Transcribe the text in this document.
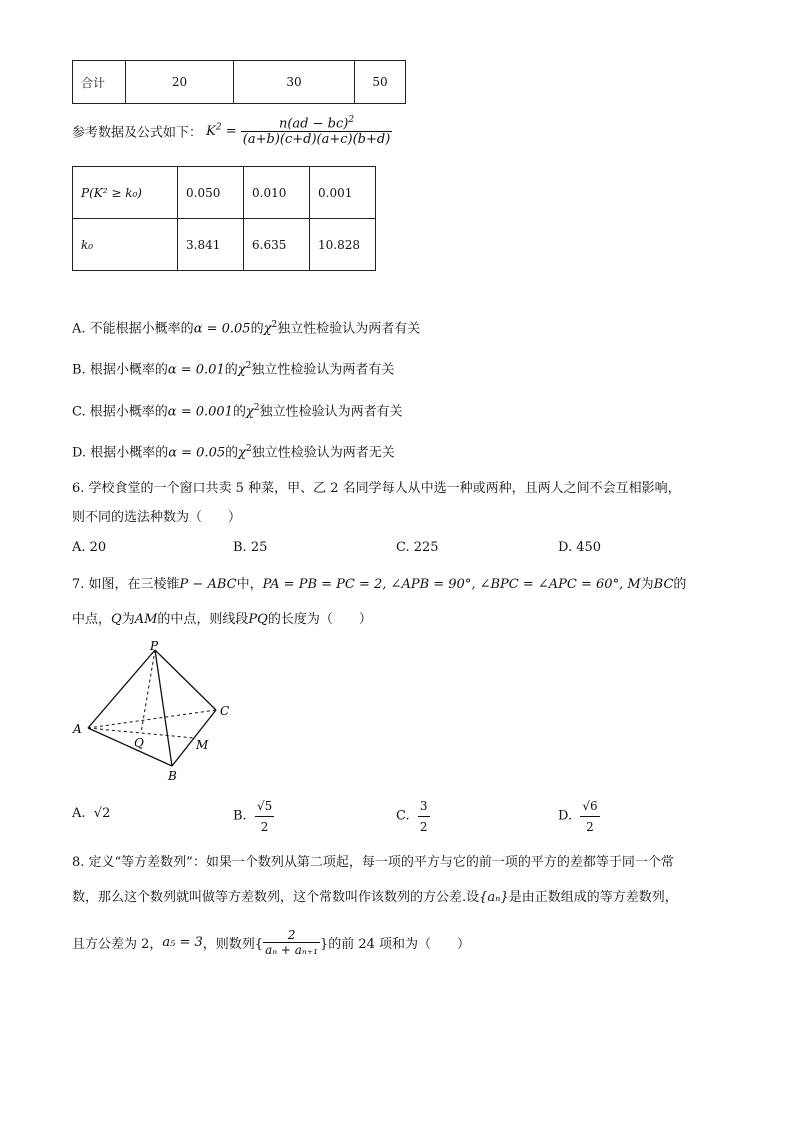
合计	20	30	50
参考数据及公式如下： $K^2 = \frac{n(ad - bc)^2}{(a+b)(c+d)(a+c)(b+d)}$
P(K² ≥ k₀)	0.050	0.010	0.001
k₀	3.841	6.635	10.828
A. 不能根据小概率的α = 0.05的$\chi^2$独立性检验认为两者有关
B. 根据小概率的α = 0.01的$\chi^2$独立性检验认为两者有关
C. 根据小概率的α = 0.001的$\chi^2$独立性检验认为两者有关
D. 根据小概率的α = 0.05的$\chi^2$独立性检验认为两者无关
6. 学校食堂的一个窗口共卖 5 种菜，甲、乙 2 名同学每人从中选一种或两种，且两人之间不会互相影响，
则不同的选法种数为（　　）
A. 20	B. 25	C. 225	D. 450
7. 如图，在三棱锥P − ABC中，PA = PB = PC = 2, ∠APB = 90°, ∠BPC = ∠APC = 60°, M为BC的
中点，Q为AM的中点，则线段PQ的长度为（　　）
P
A
B
C
M
Q
A. √2	B. $\frac{√5}{2}$	C. $\frac{3}{2}$	D. $\frac{√6}{2}$
8. 定义“等方差数列”：如果一个数列从第二项起，每一项的平方与它的前一项的平方的差都等于同一个常
数，那么这个数列就叫做等方差数列，这个常数叫作该数列的方公差.设{aₙ}是由正数组成的等方差数列，
且方公差为 2，a₅ = 3，则数列{ $\frac{2}{\text{aₙ + aₙ₊₁}}$ }的前 24 项和为（　　）
